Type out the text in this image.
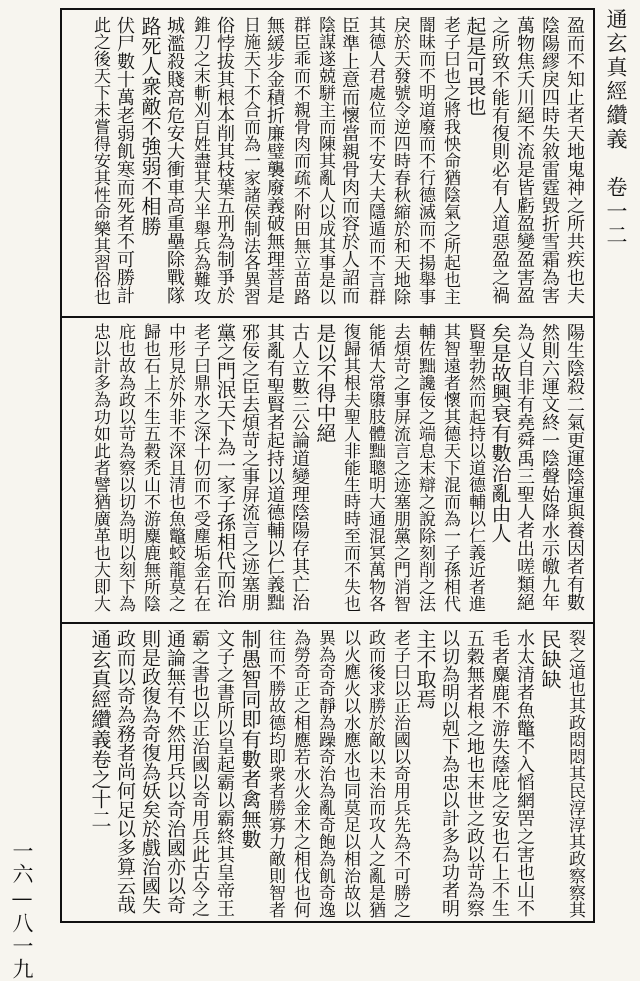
通玄真經纘義　卷一二
一六—八一九
盈而不知止者天地鬼神之所共疾也夫
陰陽繆戾四時失敘雷霆毀折雪霜為害
萬物焦夭川絕不流是皆虧盈變盈害盈
之所致不能有復則必有人道惡盈之禍
起是可畏也
老子曰也之將我怏命猶陰氣之所起也主
闇昧而不明道廢而不行德滅而不揚舉事
戾於天發號令逆四時春秋縮於和天地除
其德人君處位而不安大夫隱遁而不言群
臣準上意而懷當親骨肉而容於人詔而
陰謀遂兢駢主而陳其亂人以成其事是以
群臣乖而不親骨肉而疏不附田無立苗路
無緩步金積折廉璧襲廢義破無理菩是
日施天下不合而為一家諸侯制法各異習
俗悖拔其根本削其枝葉五刑為制爭於
錐刀之末斬刈百姓盡其大半舉兵為難攻
城濫殺賤高危安大衝車高重壘除戰隊
路死人衆敵不強弱不相勝
伏尸數十萬老弱飢寒而死者不可勝計
此之後天下未嘗得安其性命樂其習俗也
陽生陰殺二氣更運陰運與養因者有數
然則六運文終一陰聲始降水示皦九年
為乂自非有堯舜禹三聖人者出嗟類絕
矣是故興衰有數治亂由人
賢聖勃然而起持以道德輔以仁義近者進
其智遠者懷其德天下混而為一子孫相代
輔佐黜讒佞之端息末辯之說除刻削之法
去煩苛之事屏流言之迹塞朋黨之門消智
能循大常隳肢體黜聰明大通混冥萬物各
復歸其根夫聖人非能生時時至而不失也
是以不得中絕
古人立數三公論道變理陰陽存其亡治
其亂有聖賢者起持以道德輔以仁義黜
邪佞之臣去煩苛之事屏流言之迹塞朋
黨之門泯天下為一家子孫相代而治
老子曰鼎水之深十仞而不受塵垢金石在
中形見於外非不深且清也魚鼈蛟龍莫之
歸也石上不生五穀禿山不游麋鹿無所陰
庇也故為政以苛為察以切為明以刻下為
忠以計多為功如此者譬猶廣革也大即大
裂之道也其政悶悶其民淳淳其政察察其
民缺缺
水太清者魚鼈不入慆網罟之害也山不
毛者麋鹿不游失蔭庇之安也石上不生
五穀無者根之地也末世之政以苛為察
以切為明以剋下為忠以計多為功者明
主不取焉
老子曰以正治國以奇用兵先為不可勝之
政而後求勝於敵以未治而攻人之亂是猶
以火應火以水應水也同莫足以相治故以
異為奇奇靜為躁奇治為亂奇飽為飢奇逸
為勞奇正之相應若水火金木之相伐也何
往而不勝故德均即衆者勝寡力敵則智者
制愚智同即有數者禽無數
文子之書所以皇起霸以霸終其皇帝王
霸之書也以正治國以奇用兵此古今之
通論無有不然用兵以奇治國亦以奇
則是政復為奇復為妖矣於戲治國失
政而以奇為務者尚何足以多算云哉
通玄真經纘義卷之十二
